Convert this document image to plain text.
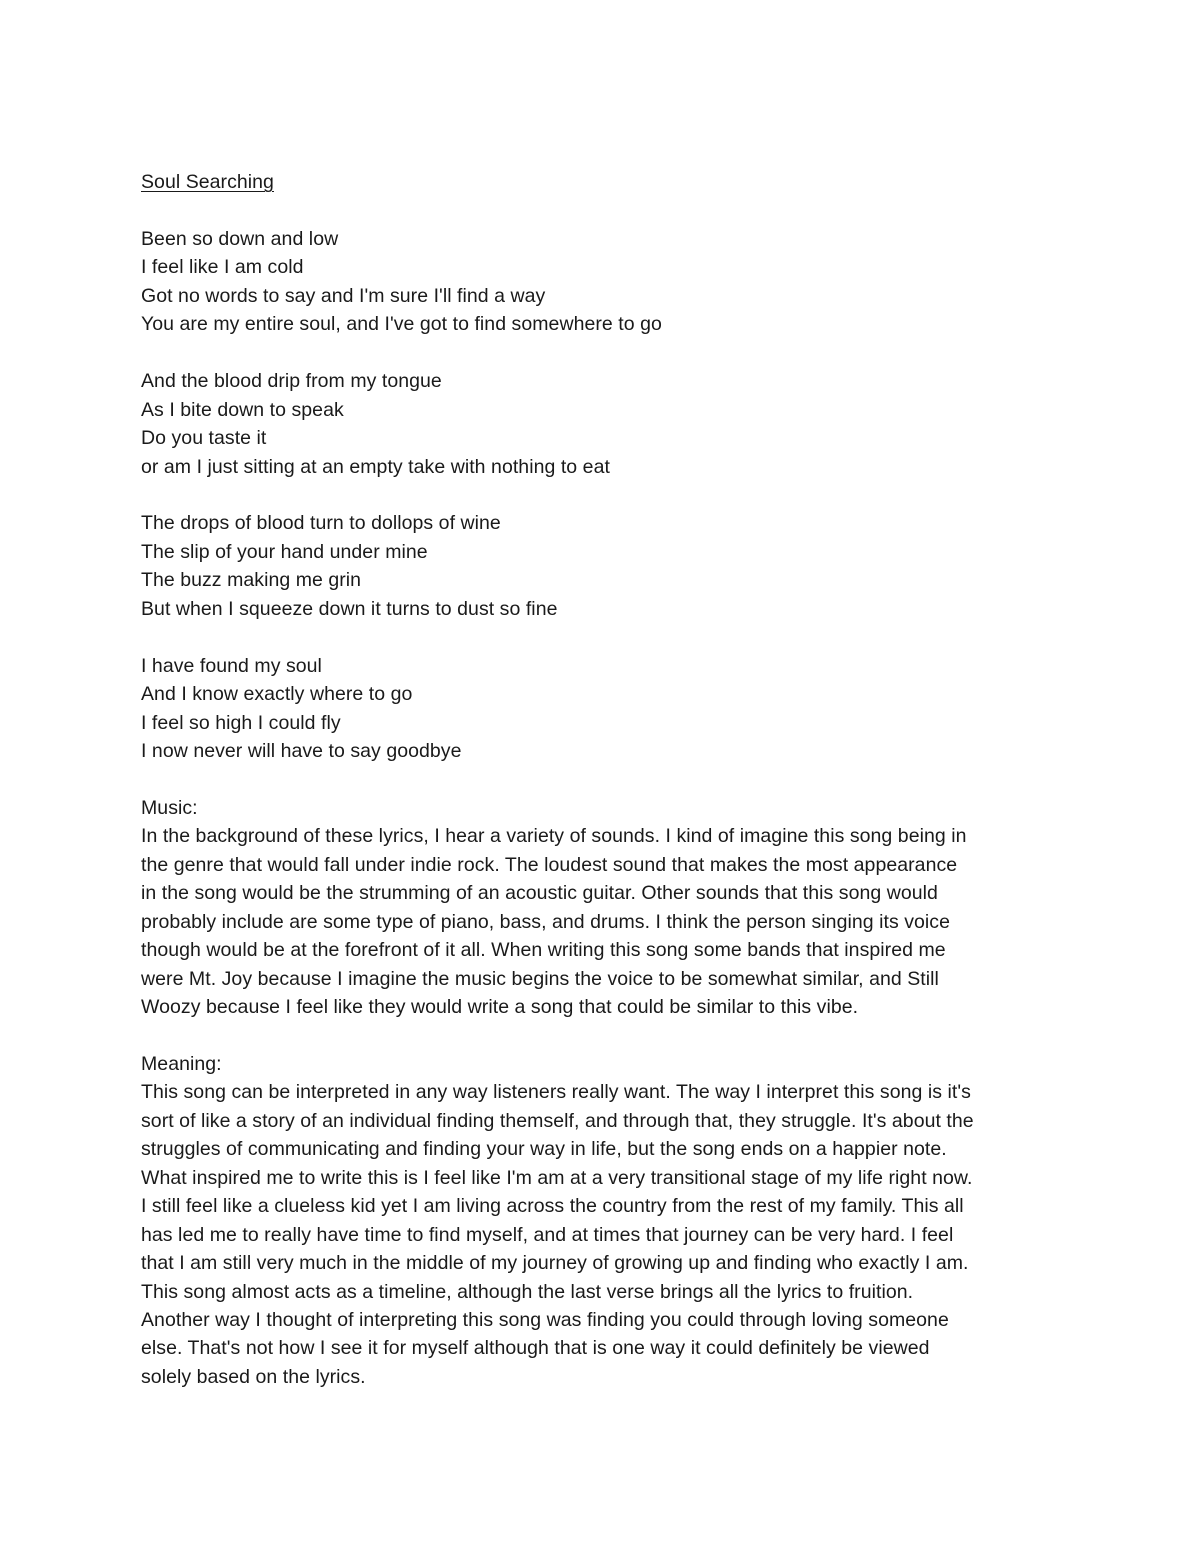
Soul Searching
Been so down and low
I feel like I am cold
Got no words to say and I'm sure I'll find a way
You are my entire soul, and I've got to find somewhere to go
And the blood drip from my tongue
As I bite down to speak
Do you taste it
or am I just sitting at an empty take with nothing to eat
The drops of blood turn to dollops of wine
The slip of your hand under mine
The buzz making me grin
But when I squeeze down it turns to dust so fine
I have found my soul
And I know exactly where to go
I feel so high I could fly
I now never will have to say goodbye
Music:
In the background of these lyrics, I hear a variety of sounds. I kind of imagine this song being in
the genre that would fall under indie rock. The loudest sound that makes the most appearance
in the song would be the strumming of an acoustic guitar. Other sounds that this song would
probably include are some type of piano, bass, and drums. I think the person singing its voice
though would be at the forefront of it all. When writing this song some bands that inspired me
were Mt. Joy because I imagine the music begins the voice to be somewhat similar, and Still
Woozy because I feel like they would write a song that could be similar to this vibe.
Meaning:
This song can be interpreted in any way listeners really want. The way I interpret this song is it's
sort of like a story of an individual finding themself, and through that, they struggle. It's about the
struggles of communicating and finding your way in life, but the song ends on a happier note.
What inspired me to write this is I feel like I'm am at a very transitional stage of my life right now.
I still feel like a clueless kid yet I am living across the country from the rest of my family. This all
has led me to really have time to find myself, and at times that journey can be very hard. I feel
that I am still very much in the middle of my journey of growing up and finding who exactly I am.
This song almost acts as a timeline, although the last verse brings all the lyrics to fruition.
Another way I thought of interpreting this song was finding you could through loving someone
else. That's not how I see it for myself although that is one way it could definitely be viewed
solely based on the lyrics.
